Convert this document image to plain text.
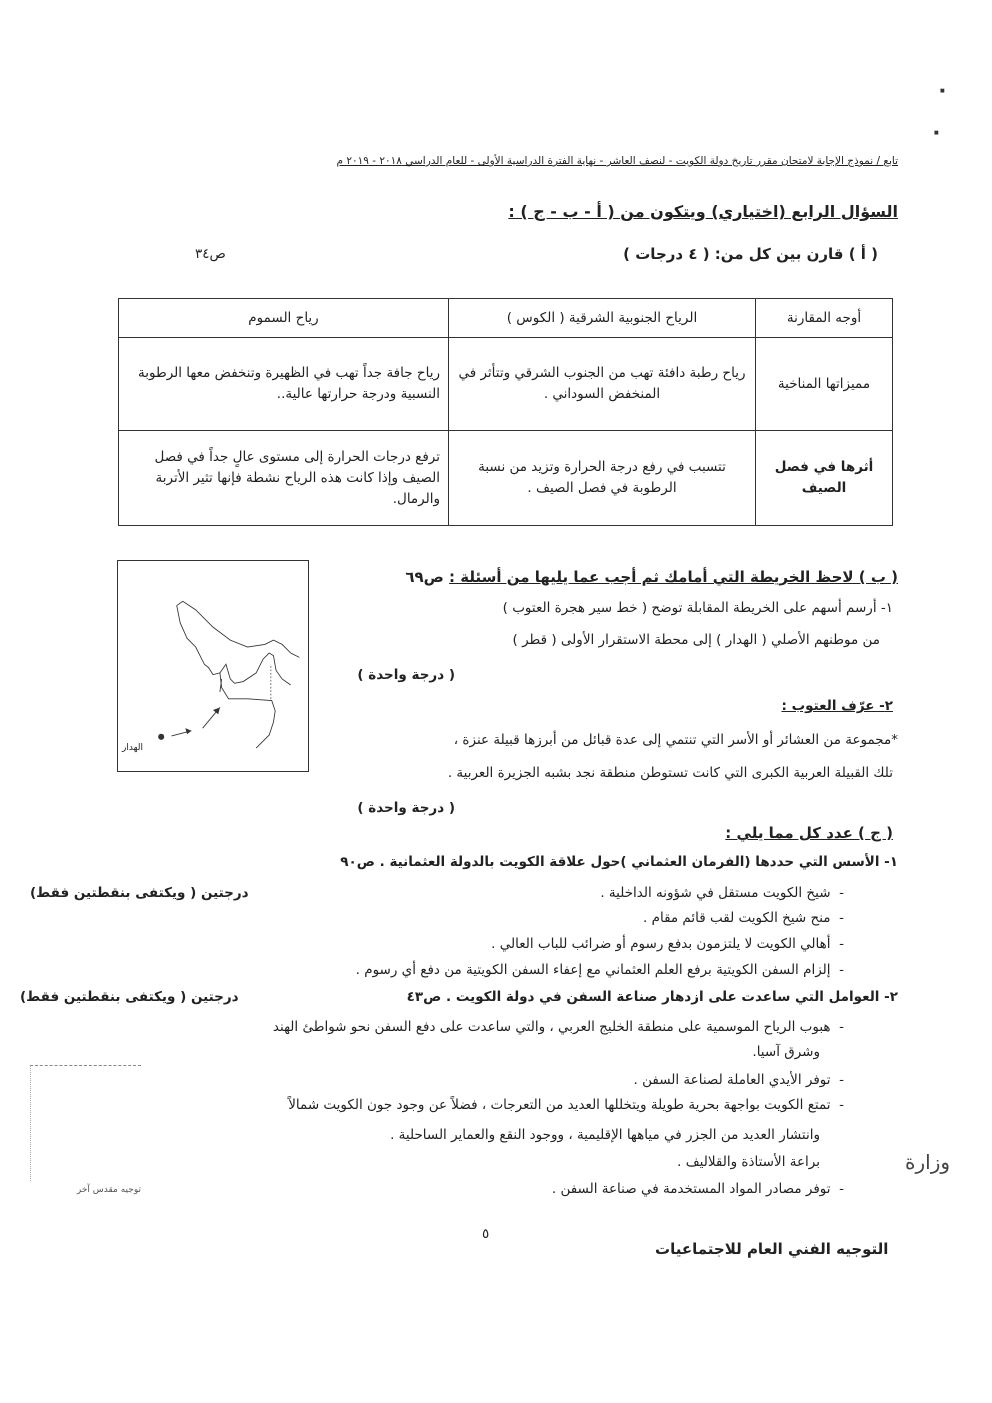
■
■
تابع / نموذج الإجابة لامتحان مقرر تاريخ دولة الكويت - لنصف العاشر - نهاية الفترة الدراسية الأولى - للعام الدراسي ٢٠١٨ - ٢٠١٩ م
السؤال الرابع (اختياري) ويتكون من ( أ - ب - ج ) :
( أ ) قارن بين كل من: ( ٤ درجات )
ص٣٤
أوجه المقارنة	الرياح الجنوبية الشرقية ( الكوس )	رياح السموم
مميزاتها المناخية	رياح رطبة دافئة تهب من الجنوب الشرقي وتتأثر في المنخفض السوداني .	رياح جافة جداً تهب في الظهيرة وتنخفض معها الرطوبة النسبية ودرجة حرارتها عالية..
أثرها في فصل الصيف	تتسبب في رفع درجة الحرارة وتزيد من نسبة الرطوبة في فصل الصيف .	ترفع درجات الحرارة إلى مستوى عالٍ جداً في فصل الصيف وإذا كانت هذه الرياح نشطة فإنها تثير الأتربة والرمال.
الهدار
( ب ) لاحظ الخريطة التي أمامك ثم أجب عما يليها من أسئلة : ص٦٩
١- أرسم أسهم على الخريطة المقابلة توضح ( خط سير هجرة العتوب )
من موطنهم الأصلي ( الهدار ) إلى محطة الاستقرار الأولى ( قطر )
( درجة واحدة )
٢- عرّف العتوب :
*مجموعة من العشائر أو الأسر التي تنتمي إلى عدة قبائل من أبرزها قبيلة عنزة ،
تلك القبيلة العربية الكبرى التي كانت تستوطن منطقة نجد بشبه الجزيرة العربية .
( درجة واحدة )
( ج ) عدد كل مما يلي :
١- الأسس التي حددها (الفرمان العثماني )حول علاقة الكويت بالدولة العثمانية . ص٩٠
درجتين ( ويكتفى بنقطتين فقط)	-  شيخ الكويت مستقل في شؤونه الداخلية .
-  منح شيخ الكويت لقب قائم مقام .
-  أهالي الكويت لا يلتزمون بدفع رسوم أو ضرائب للباب العالي .
-  إلزام السفن الكويتية برفع العلم العثماني مع إعفاء السفن الكويتية من دفع أي رسوم .
٢- العوامل التي ساعدت على ازدهار صناعة السفن في دولة الكويت . ص٤٣
درجتين ( ويكتفى بنقطتين فقط)
-  هبوب الرياح الموسمية على منطقة الخليج العربي ، والتي ساعدت على دفع السفن نحو شواطئ الهند
وشرق آسيا.
-  توفر الأيدي العاملة لصناعة السفن .
-  تمتع الكويت بواجهة بحرية طويلة ويتخللها العديد من التعرجات ، فضلاً عن وجود جون الكويت شمالاً
وانتشار العديد من الجزر في مياهها الإقليمية ، ووجود النقع والعماير الساحلية .
براعة الأستاذة والقلاليف .
-  توفر مصادر المواد المستخدمة في صناعة السفن .
توجيه مقدس آخر
وزارة
٥
التوجيه الفني العام للاجتماعيات
